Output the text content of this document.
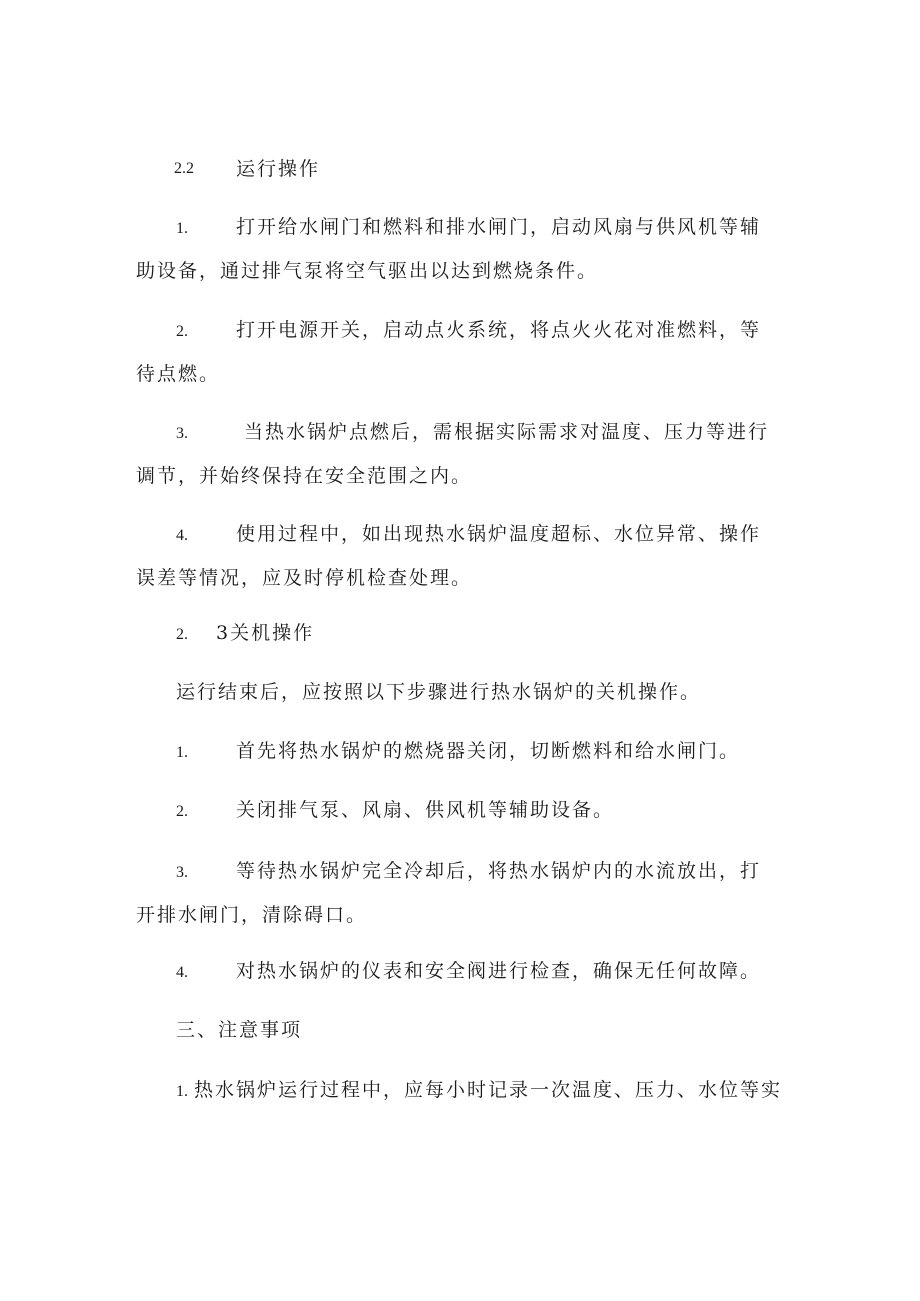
2.2 运行操作
1.	打开给水闸门和燃料和排水闸门，启动风扇与供风机等辅
助设备，通过排气泵将空气驱出以达到燃烧条件。
2.	打开电源开关，启动点火系统，将点火火花对准燃料，等
待点燃。
3.	当热水锅炉点燃后，需根据实际需求对温度、压力等进行
调节，并始终保持在安全范围之内。
4.	使用过程中，如出现热水锅炉温度超标、水位异常、操作
误差等情况，应及时停机检查处理。
2. 3关机操作
运行结束后，应按照以下步骤进行热水锅炉的关机操作。
1.	首先将热水锅炉的燃烧器关闭，切断燃料和给水闸门。
2.	关闭排气泵、风扇、供风机等辅助设备。
3.	等待热水锅炉完全冷却后，将热水锅炉内的水流放出，打
开排水闸门，清除碍口。
4.	对热水锅炉的仪表和安全阀进行检查，确保无任何故障。
三、注意事项
1. 热水锅炉运行过程中，应每小时记录一次温度、压力、水位等实
